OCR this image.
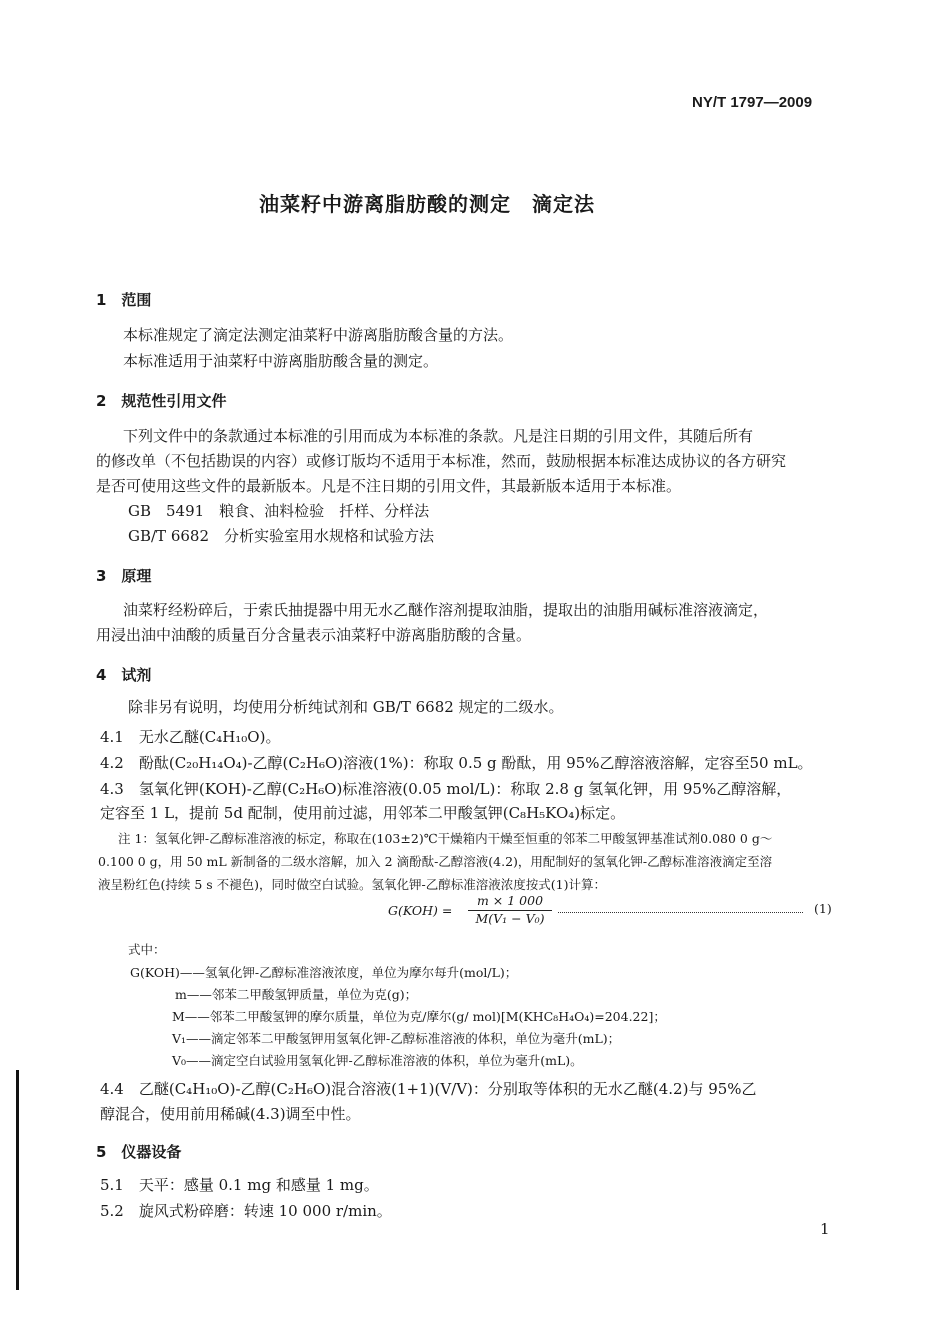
NY/T 1797—2009
油菜籽中游离脂肪酸的测定　滴定法
1　范围
本标准规定了滴定法测定油菜籽中游离脂肪酸含量的方法。
本标准适用于油菜籽中游离脂肪酸含量的测定。
2　规范性引用文件
下列文件中的条款通过本标准的引用而成为本标准的条款。凡是注日期的引用文件，其随后所有
的修改单（不包括勘误的内容）或修订版均不适用于本标准，然而，鼓励根据本标准达成协议的各方研究
是否可使用这些文件的最新版本。凡是不注日期的引用文件，其最新版本适用于本标准。
GB　5491　粮食、油料检验　扦样、分样法
GB/T 6682　分析实验室用水规格和试验方法
3　原理
油菜籽经粉碎后，于索氏抽提器中用无水乙醚作溶剂提取油脂，提取出的油脂用碱标准溶液滴定，
用浸出油中油酸的质量百分含量表示油菜籽中游离脂肪酸的含量。
4　试剂
除非另有说明，均使用分析纯试剂和 GB/T 6682 规定的二级水。
4.1　无水乙醚(C₄H₁₀O)。
4.2　酚酞(C₂₀H₁₄O₄)-乙醇(C₂H₆O)溶液(1%)：称取 0.5 g 酚酞，用 95%乙醇溶液溶解，定容至50 mL。
4.3　氢氧化钾(KOH)-乙醇(C₂H₆O)标准溶液(0.05 mol/L)：称取 2.8 g 氢氧化钾，用 95%乙醇溶解，
定容至 1 L，提前 5d 配制，使用前过滤，用邻苯二甲酸氢钾(C₈H₅KO₄)标定。
注 1：氢氧化钾-乙醇标准溶液的标定，称取在(103±2)℃干燥箱内干燥至恒重的邻苯二甲酸氢钾基准试剂0.080 0 g～
0.100 0 g，用 50 mL 新制备的二级水溶解，加入 2 滴酚酞-乙醇溶液(4.2)，用配制好的氢氧化钾-乙醇标准溶液滴定至溶
液呈粉红色(持续 5 s 不褪色)，同时做空白试验。氢氧化钾-乙醇标准溶液浓度按式(1)计算：
G(KOH) =
m × 1 000
M(V₁ − V₀)
(1)
式中：
G(KOH)——氢氧化钾-乙醇标准溶液浓度，单位为摩尔每升(mol/L)；
m——邻苯二甲酸氢钾质量，单位为克(g)；
M——邻苯二甲酸氢钾的摩尔质量，单位为克/摩尔(g/ mol)[M(KHC₈H₄O₄)=204.22]；
V₁——滴定邻苯二甲酸氢钾用氢氧化钾-乙醇标准溶液的体积，单位为毫升(mL)；
V₀——滴定空白试验用氢氧化钾-乙醇标准溶液的体积，单位为毫升(mL)。
4.4　乙醚(C₄H₁₀O)-乙醇(C₂H₆O)混合溶液(1+1)(V/V)：分别取等体积的无水乙醚(4.2)与 95%乙
醇混合，使用前用稀碱(4.3)调至中性。
5　仪器设备
5.1　天平：感量 0.1 mg 和感量 1 mg。
5.2　旋风式粉碎磨：转速 10 000 r/min。
1
